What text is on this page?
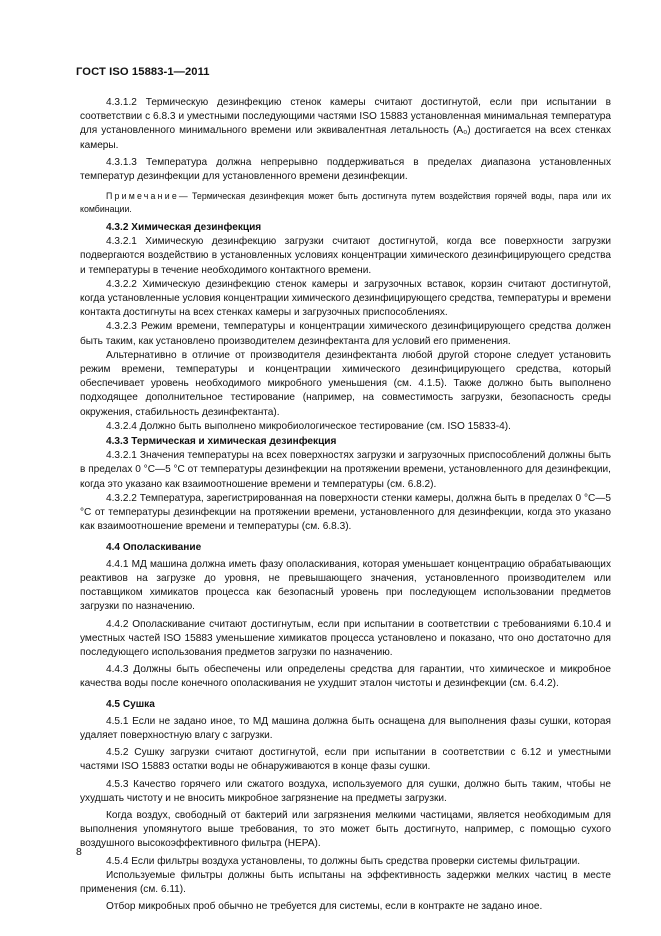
ГОСТ ISO 15883-1—2011

4.3.1.2 Термическую дезинфекцию стенок камеры считают достигнутой, если при испытании в соответствии с 6.8.3 и уместными последующими частями ISO 15883 установленная минимальная температура для установленного минимального времени или эквивалентная летальность (A₀) достигается на всех стенках камеры.

4.3.1.3 Температура должна непрерывно поддерживаться в пределах диапазона установленных температур дезинфекции для установленного времени дезинфекции.

Примечание— Термическая дезинфекция может быть достигнута путем воздействия горячей воды, пара или их комбинации.

4.3.2 Химическая дезинфекция

4.3.2.1 Химическую дезинфекцию загрузки считают достигнутой, когда все поверхности загрузки подвергаются воздействию в установленных условиях концентрации химического дезинфицирующего средства и температуры в течение необходимого контактного времени.

4.3.2.2 Химическую дезинфекцию стенок камеры и загрузочных вставок, корзин считают достигнутой, когда установленные условия концентрации химического дезинфицирующего средства, температуры и времени контакта достигнуты на всех стенках камеры и загрузочных приспособлениях.

4.3.2.3 Режим времени, температуры и концентрации химического дезинфицирующего средства должен быть таким, как установлено производителем дезинфектанта для условий его применения.

Альтернативно в отличие от производителя дезинфектанта любой другой стороне следует установить режим времени, температуры и концентрации химического дезинфицирующего средства, который обеспечивает уровень необходимого микробного уменьшения (см. 4.1.5). Также должно быть выполнено подходящее дополнительное тестирование (например, на совместимость загрузки, безопасность среды окружения, стабильность дезинфектанта).

4.3.2.4 Должно быть выполнено микробиологическое тестирование (см. ISO 15833-4).

4.3.3 Термическая и химическая дезинфекция

4.3.2.1 Значения температуры на всех поверхностях загрузки и загрузочных приспособлений должны быть в пределах 0 °С—5 °С от температуры дезинфекции на протяжении времени, установленного для дезинфекции, когда это указано как взаимоотношение времени и температуры (см. 6.8.2).

4.3.2.2 Температура, зарегистрированная на поверхности стенки камеры, должна быть в пределах 0 °С—5 °С от температуры дезинфекции на протяжении времени, установленного для дезинфекции, когда это указано как взаимоотношение времени и температуры (см. 6.8.3).

4.4 Ополаскивание

4.4.1 МД машина должна иметь фазу ополаскивания, которая уменьшает концентрацию обрабатывающих реактивов на загрузке до уровня, не превышающего значения, установленного производителем или поставщиком химикатов процесса как безопасный уровень при последующем использовании предметов загрузки по назначению.

4.4.2 Ополаскивание считают достигнутым, если при испытании в соответствии с требованиями 6.10.4 и уместных частей ISO 15883 уменьшение химикатов процесса установлено и показано, что оно достаточно для последующего использования предметов загрузки по назначению.

4.4.3 Должны быть обеспечены или определены средства для гарантии, что химическое и микробное качества воды после конечного ополаскивания не ухудшит эталон чистоты и дезинфекции (см. 6.4.2).

4.5 Сушка

4.5.1 Если не задано иное, то МД машина должна быть оснащена для выполнения фазы сушки, которая удаляет поверхностную влагу с загрузки.

4.5.2 Сушку загрузки считают достигнутой, если при испытании в соответствии с 6.12 и уместными частями ISO 15883 остатки воды не обнаруживаются в конце фазы сушки.

4.5.3 Качество горячего или сжатого воздуха, используемого для сушки, должно быть таким, чтобы не ухудшать чистоту и не вносить микробное загрязнение на предметы загрузки.

Когда воздух, свободный от бактерий или загрязнения мелкими частицами, является необходимым для выполнения упомянутого выше требования, то это может быть достигнуто, например, с помощью сухого воздушного высокоэффективного фильтра (НЕРА).

4.5.4 Если фильтры воздуха установлены, то должны быть средства проверки системы фильтрации.

Используемые фильтры должны быть испытаны на эффективность задержки мелких частиц в месте применения (см. 6.11).

Отбор микробных проб обычно не требуется для системы, если в контракте не задано иное.

8
